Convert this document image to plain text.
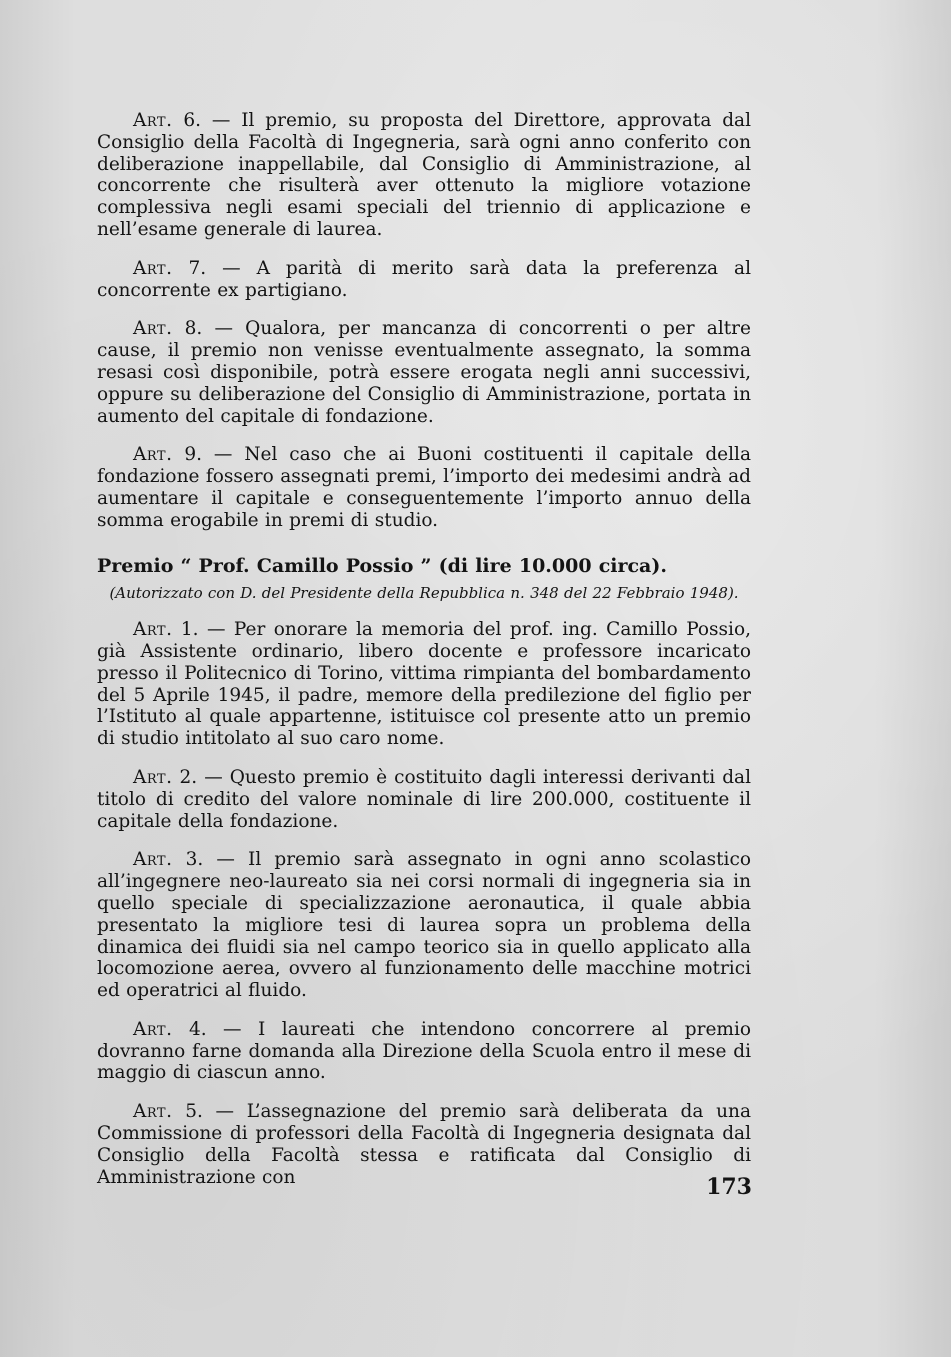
Art. 6. — Il premio, su proposta del Direttore, approvata dal Consiglio della Facoltà di Ingegneria, sarà ogni anno conferito con deliberazione inappellabile, dal Consiglio di Amministrazione, al concorrente che risulterà aver ottenuto la migliore votazione complessiva negli esami speciali del triennio di applicazione e nell’esame generale di laurea.

Art. 7. — A parità di merito sarà data la preferenza al concorrente ex partigiano.

Art. 8. — Qualora, per mancanza di concorrenti o per altre cause, il premio non venisse eventualmente assegnato, la somma resasi così disponibile, potrà essere erogata negli anni successivi, oppure su deliberazione del Consiglio di Amministrazione, portata in aumento del capitale di fondazione.

Art. 9. — Nel caso che ai Buoni costituenti il capitale della fondazione fossero assegnati premi, l’importo dei medesimi andrà ad aumentare il capitale e conseguentemente l’importo annuo della somma erogabile in premi di studio.

Premio “ Prof. Camillo Possio ” (di lire 10.000 circa).

(Autorizzato con D. del Presidente della Repubblica n. 348 del 22 Febbraio 1948).

Art. 1. — Per onorare la memoria del prof. ing. Camillo Possio, già Assistente ordinario, libero docente e professore incaricato presso il Politecnico di Torino, vittima rimpianta del bombardamento del 5 Aprile 1945, il padre, memore della predilezione del figlio per l’Istituto al quale appartenne, istituisce col presente atto un premio di studio intitolato al suo caro nome.

Art. 2. — Questo premio è costituito dagli interessi derivanti dal titolo di credito del valore nominale di lire 200.000, costituente il capitale della fondazione.

Art. 3. — Il premio sarà assegnato in ogni anno scolastico all’ingegnere neo-laureato sia nei corsi normali di ingegneria sia in quello speciale di specializzazione aeronautica, il quale abbia presentato la migliore tesi di laurea sopra un problema della dinamica dei fluidi sia nel campo teorico sia in quello applicato alla locomozione aerea, ovvero al funzionamento delle macchine motrici ed operatrici al fluido.

Art. 4. — I laureati che intendono concorrere al premio dovranno farne domanda alla Direzione della Scuola entro il mese di maggio di ciascun anno.

Art. 5. — L’assegnazione del premio sarà deliberata da una Commissione di professori della Facoltà di Ingegneria designata dal Consiglio della Facoltà stessa e ratificata dal Consiglio di Amministrazione con	173
